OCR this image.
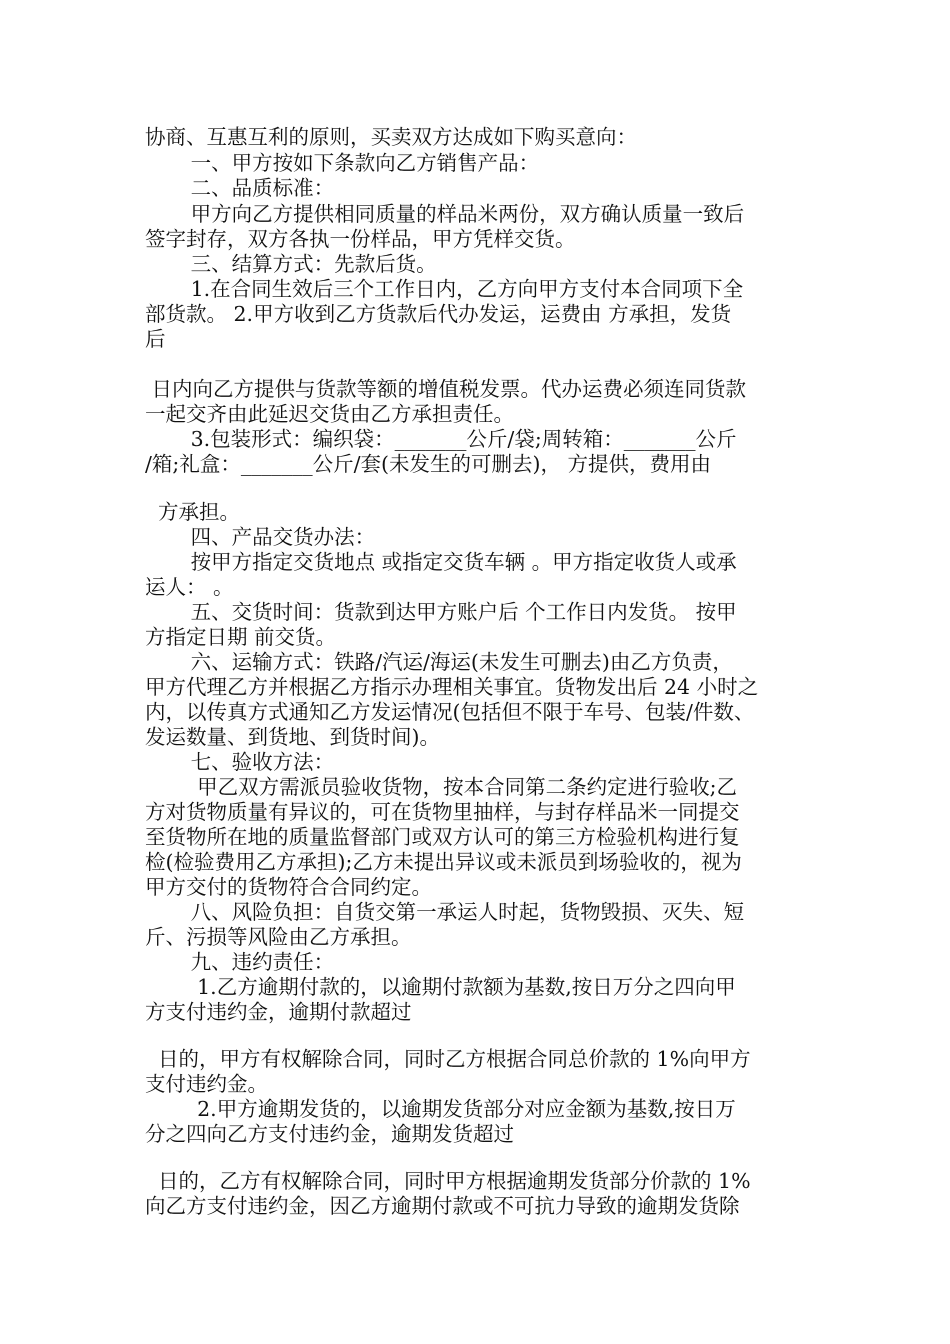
协商、互惠互利的原则，买卖双方达成如下购买意向：

一、甲方按如下条款向乙方销售产品：

二、品质标准：

甲方向乙方提供相同质量的样品米两份，双方确认质量一致后

签字封存，双方各执一份样品，甲方凭样交货。

三、结算方式：先款后货。

1.在合同生效后三个工作日内，乙方向甲方支付本合同项下全

部货款。 2.甲方收到乙方货款后代办发运，运费由 方承担，发货

后

日内向乙方提供与货款等额的增值税发票。代办运费必须连同货款

一起交齐由此延迟交货由乙方承担责任。

3.包装形式：编织袋：_______公斤/袋;周转箱：_______公斤

/箱;礼盒：_______公斤/套(未发生的可删去)， 方提供，费用由

方承担。

四、产品交货办法：

按甲方指定交货地点 或指定交货车辆 。甲方指定收货人或承

运人： 。

五、交货时间：货款到达甲方账户后 个工作日内发货。 按甲

方指定日期 前交货。

六、运输方式：铁路/汽运/海运(未发生可删去)由乙方负责，

甲方代理乙方并根据乙方指示办理相关事宜。货物发出后 24 小时之

内，以传真方式通知乙方发运情况(包括但不限于车号、包装/件数、

发运数量、到货地、到货时间)。

七、验收方法：

甲乙双方需派员验收货物，按本合同第二条约定进行验收;乙

方对货物质量有异议的，可在货物里抽样，与封存样品米一同提交

至货物所在地的质量监督部门或双方认可的第三方检验机构进行复

检(检验费用乙方承担);乙方未提出异议或未派员到场验收的，视为

甲方交付的货物符合合同约定。

八、风险负担：自货交第一承运人时起，货物毁损、灭失、短

斤、污损等风险由乙方承担。

九、违约责任：

1.乙方逾期付款的，以逾期付款额为基数,按日万分之四向甲

方支付违约金，逾期付款超过

日的，甲方有权解除合同，同时乙方根据合同总价款的 1%向甲方

支付违约金。

2.甲方逾期发货的，以逾期发货部分对应金额为基数,按日万

分之四向乙方支付违约金，逾期发货超过

日的，乙方有权解除合同，同时甲方根据逾期发货部分价款的 1%

向乙方支付违约金，因乙方逾期付款或不可抗力导致的逾期发货除
